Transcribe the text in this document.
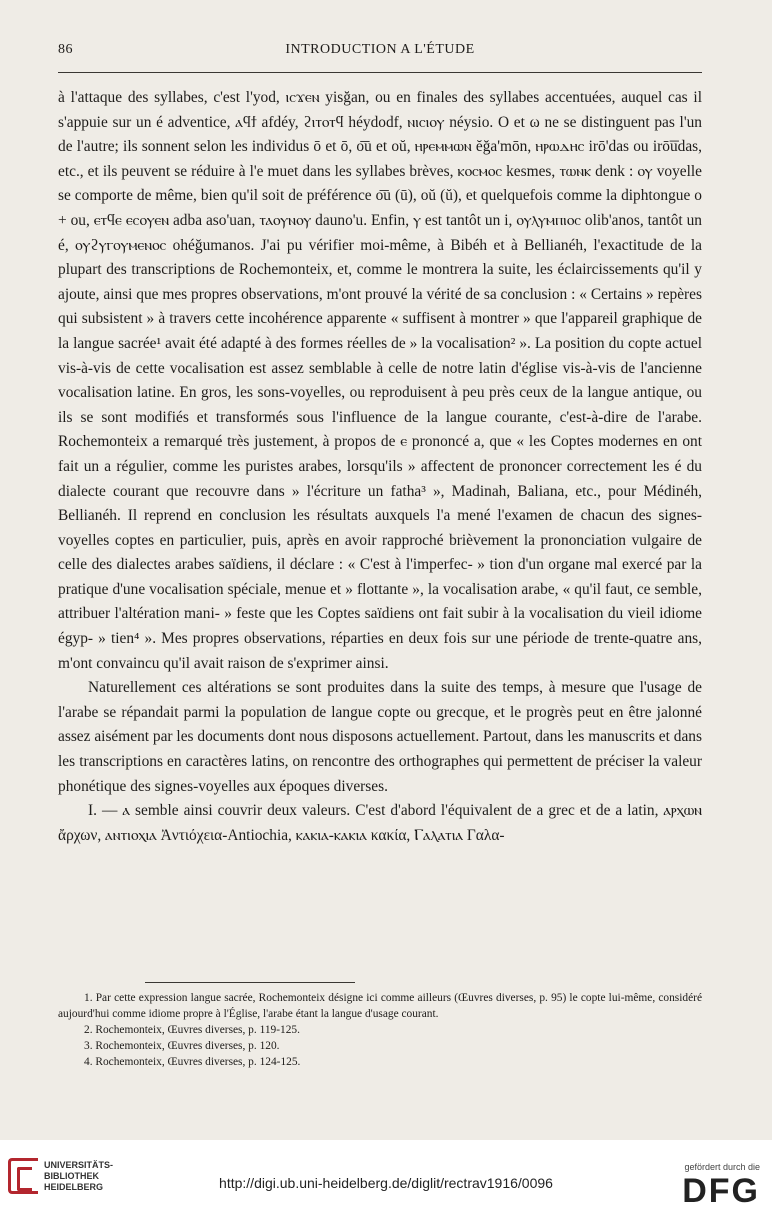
86	INTRODUCTION A L'ÉTUDE

à l'attaque des syllabes, c'est l'yod, ⲓⲥϫⲉⲛ yisğan, ou en finales des syllabes accentuées, auquel cas il s'appuie sur un é adventice, ⲁϥϯ afdéy, ϩⲓⲧⲟⲧϥ héydodf, ⲛⲓⲥⲓⲟⲩ néysio. O et ω ne se distinguent pas l'un de l'autre; ils sonnent selon les individus ō et ō, o͞u et oŭ, ⲏⲣⲉⲙⲙⲱⲛ ĕğa'mōn, ⲏⲣⲱⲇⲏⲥ irō'das ou irō͞udas, etc., et ils peuvent se réduire à l'e muet dans les syllabes brèves, ⲕⲟⲥⲙⲟⲥ kesmes, ⲧⲱⲛⲕ denk : ⲟⲩ voyelle se comporte de même, bien qu'il soit de préférence o͞u (ū), oŭ (ŭ), et quelquefois comme la diphtongue o + ou, ⲉⲧϥⲉ ⲉⲥⲟⲩⲉⲛ adba aso'uan, ⲧⲁⲟⲩⲛⲟⲩ dauno'u. Enfin, ⲩ est tantôt un i, ⲟⲩⲗⲩⲙⲡⲓⲟⲥ olib'anos, tantôt un é, ⲟⲩϩⲩⲅⲟⲩⲙⲉⲛⲟⲥ ohéğumanos. J'ai pu vérifier moi-même, à Bibéh et à Bellianéh, l'exactitude de la plupart des transcriptions de Rochemonteix, et, comme le montrera la suite, les éclaircissements qu'il y ajoute, ainsi que mes propres observations, m'ont prouvé la vérité de sa conclusion : « Certains » repères qui subsistent » à travers cette incohérence apparente « suffisent à montrer » que l'appareil graphique de la langue sacrée¹ avait été adapté à des formes réelles de » la vocalisation² ». La position du copte actuel vis-à-vis de cette vocalisation est assez semblable à celle de notre latin d'église vis-à-vis de l'ancienne vocalisation latine. En gros, les sons-voyelles, ou reproduisent à peu près ceux de la langue antique, ou ils se sont modifiés et transformés sous l'influence de la langue courante, c'est-à-dire de l'arabe. Rochemonteix a remarqué très justement, à propos de ⲉ prononcé a, que « les Coptes modernes en ont fait un a régulier, comme les puristes arabes, lorsqu'ils » affectent de prononcer correctement les é du dialecte courant que recouvre dans » l'écriture un fatha³ », Madinah, Baliana, etc., pour Médinéh, Bellianéh. Il reprend en conclusion les résultats auxquels l'a mené l'examen de chacun des signes-voyelles coptes en particulier, puis, après en avoir rapproché brièvement la prononciation vulgaire de celle des dialectes arabes saïdiens, il déclare : « C'est à l'imperfec- » tion d'un organe mal exercé par la pratique d'une vocalisation spéciale, menue et » flottante », la vocalisation arabe, « qu'il faut, ce semble, attribuer l'altération mani- » feste que les Coptes saïdiens ont fait subir à la vocalisation du vieil idiome égyp- » tien⁴ ». Mes propres observations, réparties en deux fois sur une période de trente-quatre ans, m'ont convaincu qu'il avait raison de s'exprimer ainsi.

Naturellement ces altérations se sont produites dans la suite des temps, à mesure que l'usage de l'arabe se répandait parmi la population de langue copte ou grecque, et le progrès peut en être jalonné assez aisément par les documents dont nous disposons actuellement. Partout, dans les manuscrits et dans les transcriptions en caractères latins, on rencontre des orthographes qui permettent de préciser la valeur phonétique des signes-voyelles aux époques diverses.

I. — ⲁ semble ainsi couvrir deux valeurs. C'est d'abord l'équivalent de a grec et de a latin, ⲁⲣⲭⲱⲛ ἄρχων, ⲁⲛⲧⲓⲟⲭⲓⲁ Ἀντιόχεια-Antiochia, ⲕⲁⲕⲓⲁ-ⲕⲁⲕⲓⲁ κακία, Ⲅⲁⲗⲁⲧⲓⲁ Γαλα-

1. Par cette expression langue sacrée, Rochemonteix désigne ici comme ailleurs (Œuvres diverses, p. 95) le copte lui-même, considéré aujourd'hui comme idiome propre à l'Église, l'arabe étant la langue d'usage courant.

2. Rochemonteix, Œuvres diverses, p. 119-125.

3. Rochemonteix, Œuvres diverses, p. 120.

4. Rochemonteix, Œuvres diverses, p. 124-125.

UNIVERSITÄTS-
BIBLIOTHEK
HEIDELBERG	http://digi.ub.uni-heidelberg.de/diglit/rectrav1916/0096
gefördert durch die
DFG
